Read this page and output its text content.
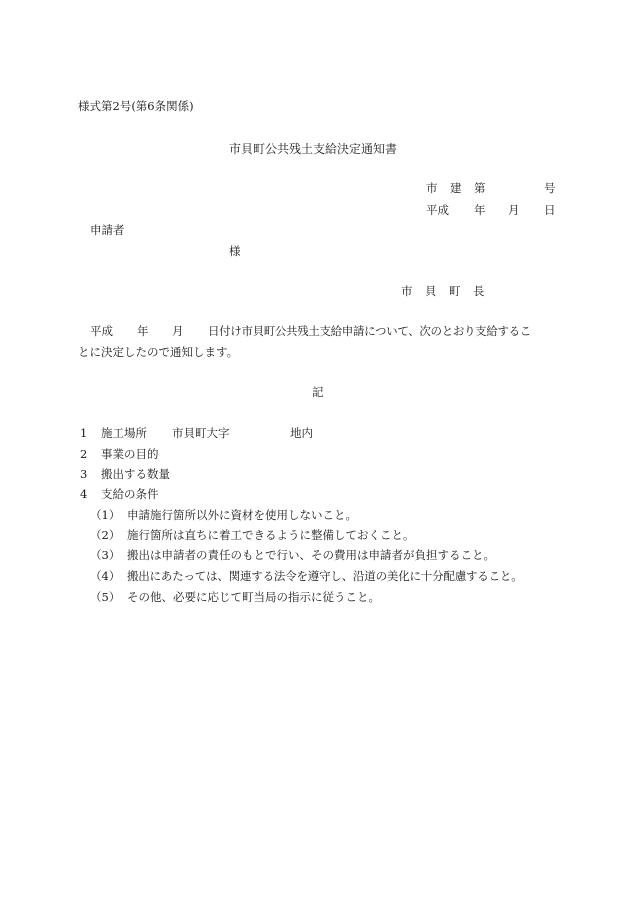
様式第2号(第6条関係)
市貝町公共残土支給決定通知書
市 建 第	号
平成 年 月 日
申請者
様
市 貝 町 長
平成 年 月 日付け市貝町公共残土支給申請について、次のとおり支給するこ
とに決定したので通知します。
記
1 施工場所 市貝町大字	地内
2 事業の目的
3 搬出する数量
4 支給の条件
（1） 申請施行箇所以外に資材を使用しないこと。
（2） 施行箇所は直ちに着工できるように整備しておくこと。
（3） 搬出は申請者の責任のもとで行い、その費用は申請者が負担すること。
（4） 搬出にあたっては、関連する法令を遵守し、沿道の美化に十分配慮すること。
（5） その他、必要に応じて町当局の指示に従うこと。
